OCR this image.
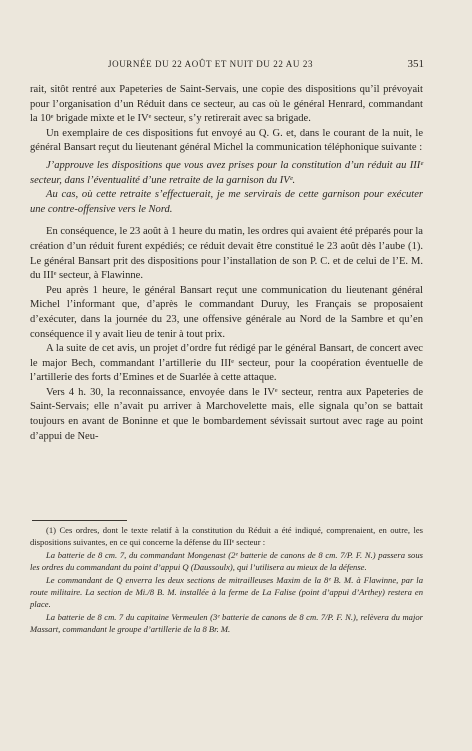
JOURNÉE DU 22 AOÛT ET NUIT DU 22 AU 23	351

rait, sitôt rentré aux Papeteries de Saint-Servais, une copie des dispositions qu’il prévoyait pour l’organisation d’un Réduit dans ce secteur, au cas où le général Henrard, commandant la 10ᵉ brigade mixte et le IVᵉ secteur, s’y retirerait avec sa brigade.

Un exemplaire de ces dispositions fut envoyé au Q. G. et, dans le courant de la nuit, le général Bansart reçut du lieutenant général Michel la communication téléphonique suivante :

J’approuve les dispositions que vous avez prises pour la constitution d’un réduit au IIIᵉ secteur, dans l’éventualité d’une retraite de la garnison du IVᵉ.

Au cas, où cette retraite s’effectuerait, je me servirais de cette garnison pour exécuter une contre-offensive vers le Nord.

En conséquence, le 23 août à 1 heure du matin, les ordres qui avaient été préparés pour la création d’un réduit furent expédiés; ce réduit devait être constitué le 23 août dès l’aube (1). Le général Bansart prit des dispositions pour l’installation de son P. C. et de celui de l’E. M. du IIIᵉ secteur, à Flawinne.

Peu après 1 heure, le général Bansart reçut une communication du lieutenant général Michel l’informant que, d’après le commandant Duruy, les Français se proposaient d’exécuter, dans la journée du 23, une offensive générale au Nord de la Sambre et qu’en conséquence il y avait lieu de tenir à tout prix.

A la suite de cet avis, un projet d’ordre fut rédigé par le général Bansart, de concert avec le major Bech, commandant l’artillerie du IIIᵉ secteur, pour la coopération éventuelle de l’artillerie des forts d’Emines et de Suarlée à cette attaque.

Vers 4 h. 30, la reconnaissance, envoyée dans le IVᵉ secteur, rentra aux Papeteries de Saint-Servais; elle n’avait pu arriver à Marchovelette mais, elle signala qu’on se battait toujours en avant de Boninne et que le bombardement sévissait surtout avec rage au point d’appui de Neu-

(1) Ces ordres, dont le texte relatif à la constitution du Réduit a été indiqué, comprenaient, en outre, les dispositions suivantes, en ce qui concerne la défense du IIIᵉ secteur :

La batterie de 8 cm. 7, du commandant Mongenast (2ᵉ batterie de canons de 8 cm. 7/P. F. N.) passera sous les ordres du commandant du point d’appui Q (Daussoulx), qui l’utilisera au mieux de la défense.

Le commandant de Q enverra les deux sections de mitrailleuses Maxim de la 8ᵉ B. M. à Flawinne, par la route militaire. La section de Mi./8 B. M. installée à la ferme de La Falise (point d’appui d’Arthey) restera en place.

La batterie de 8 cm. 7 du capitaine Vermeulen (3ᵉ batterie de canons de 8 cm. 7/P. F. N.), relèvera du major Massart, commandant le groupe d’artillerie de la 8 Br. M.
